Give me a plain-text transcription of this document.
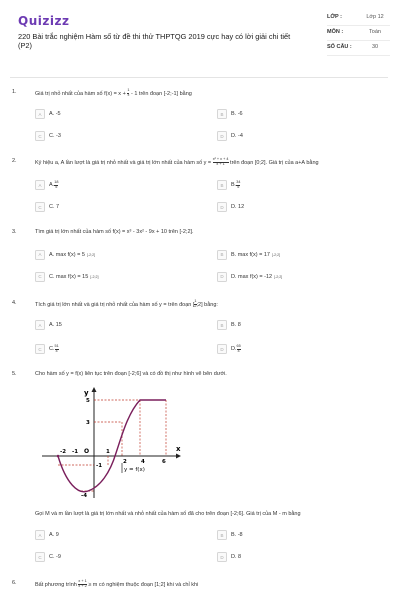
Quizizz
220 Bài trắc nghiệm Hàm số từ đề thi thử THPTQG 2019 cực hay có lời giải chi tiết (P2)
LỚP :	Lớp 12
MÔN :	Toán
SỐ CÂU :	30
1.	Giá trị nhỏ nhất của hàm số $f(x) = x + \frac{1}{x} - 1$ trên đoạn [-2;-1] bằng
A	A. -5	B	B. -6
C	C. -3	D	D. -4
2.	Ký hiệu a, A lần lượt là giá trị nhỏ nhất và giá trị lớn nhất của hàm số $y = \frac{\text{x² + x + 4}}{x + 1}$ trên đoạn [0;2]. Giá trị của a+A bằng
A	A. $\frac{18}{5}$	B	B. $\frac{34}{5}$
C	C. 7	D	D. 12
3.	Tìm giá trị lớn nhất của hàm số f(x) = x³ - 3x² - 9x + 10 trên [-2;2].
A	A. max f(x) = 5 [-2;2]	B	B. max f(x) = 17 [-2;2]
C	C. max f(x) = 15 [-2;2]	D	D. max f(x) = -12 [-2;2]
4.	Tích giá trị lớn nhất và giá trị nhỏ nhất của hàm số y = trên đoạn [ $\frac{1}{2}$ ;2] bằng:
A	A. 15	B	B. 8
C	C. $\frac{51}{4}$	D	D. $\frac{65}{4}$
5.	Cho hàm số y = f(x) liên tục trên đoạn [-2;6] và có đồ thị như hình vẽ bên dưới.
y
x
5
3
-2 -1 O	1
2	4	6
-1
-4
y = f(x)
Gọi M và m lần lượt là giá trị lớn nhất và nhỏ nhất của hàm số đã cho trên đoạn [-2;6]. Giá trị của M - m bằng
A	A. 9	B	B. -8
C	C. -9	D	D. 8
6.	Bất phương trình $\frac{x + 1}{x + 2} \ge m$ có nghiệm thuộc đoạn [1;2] khi và chỉ khi
